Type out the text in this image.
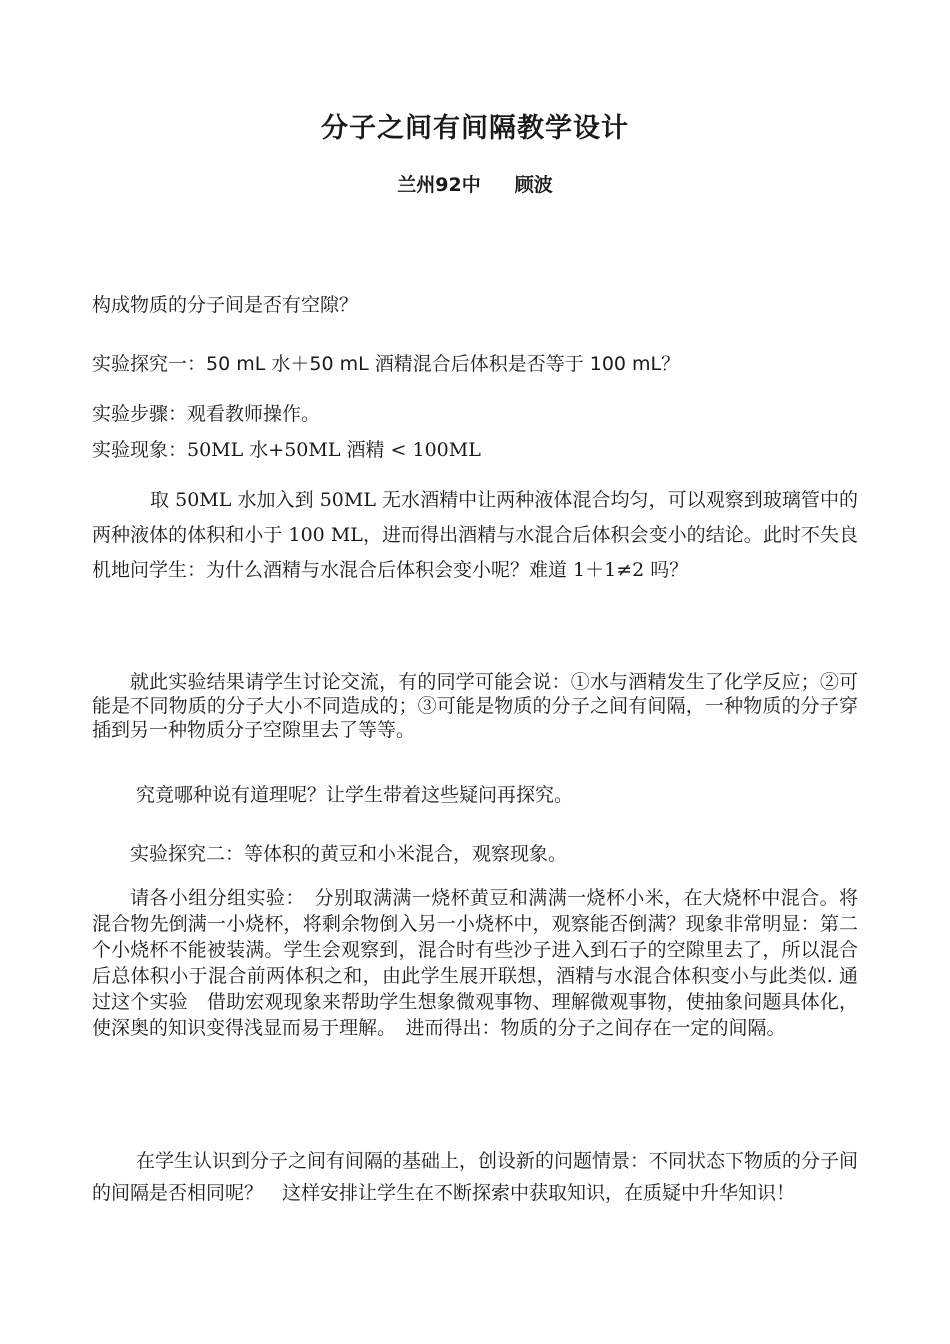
分子之间有间隔教学设计
兰州92中 顾波
构成物质的分子间是否有空隙？
实验探究一：50 mL 水＋50 mL 酒精混合后体积是否等于 100 mL？
实验步骤：观看教师操作。
实验现象：50ML 水+50ML 酒精 < 100ML
取 50ML 水加入到 50ML 无水酒精中让两种液体混合均匀，可以观察到玻璃管中的两种液体的体积和小于 100 ML，进而得出酒精与水混合后体积会变小的结论。此时不失良机地问学生：为什么酒精与水混合后体积会变小呢？难道 1＋1≠2 吗？
就此实验结果请学生讨论交流，有的同学可能会说：①水与酒精发生了化学反应；②可能是不同物质的分子大小不同造成的；③可能是物质的分子之间有间隔，一种物质的分子穿插到另一种物质分子空隙里去了等等。
究竟哪种说有道理呢？让学生带着这些疑问再探究。
实验探究二：等体积的黄豆和小米混合，观察现象。
请各小组分组实验：　分别取满满一烧杯黄豆和满满一烧杯小米，在大烧杯中混合。将混合物先倒满一小烧杯，将剩余物倒入另一小烧杯中，观察能否倒满？现象非常明显：第二个小烧杯不能被装满。学生会观察到，混合时有些沙子进入到石子的空隙里去了，所以混合后总体积小于混合前两体积之和，由此学生展开联想，酒精与水混合体积变小与此类似. 通过这个实验　借助宏观现象来帮助学生想象微观事物、理解微观事物，使抽象问题具体化，使深奥的知识变得浅显而易于理解。　进而得出：物质的分子之间存在一定的间隔。
在学生认识到分子之间有间隔的基础上，创设新的问题情景：不同状态下物质的分子间的间隔是否相同呢？　这样安排让学生在不断探索中获取知识，在质疑中升华知识！
